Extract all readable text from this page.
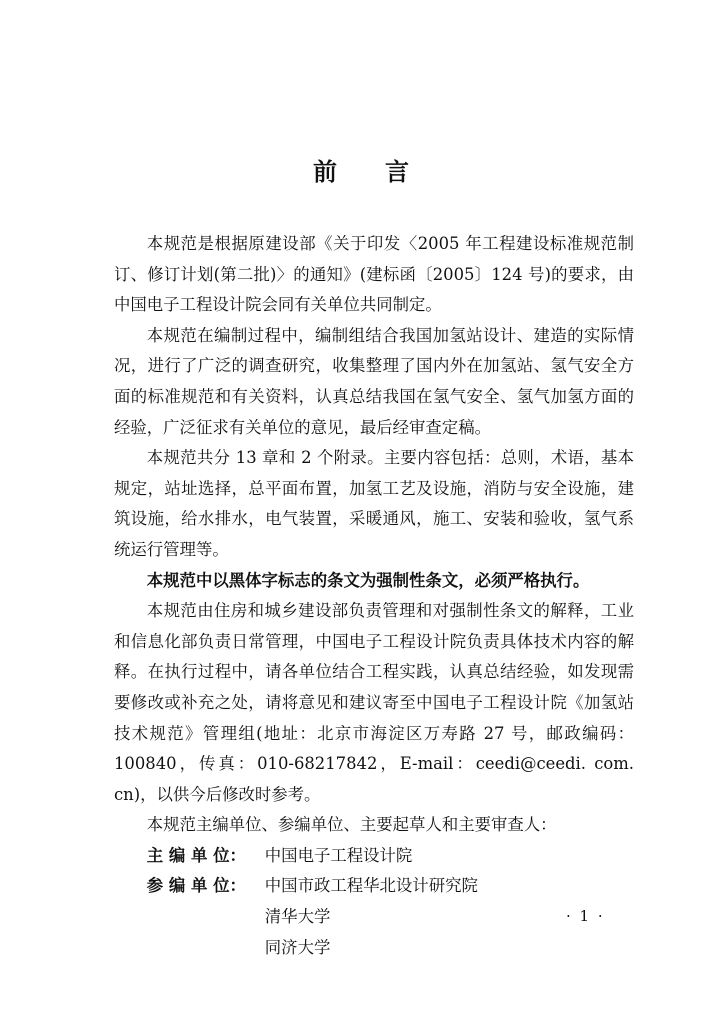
前 言

本规范是根据原建设部《关于印发〈2005 年工程建设标准规范制订、修订计划(第二批)〉的通知》(建标函〔2005〕124 号)的要求，由中国电子工程设计院会同有关单位共同制定。

本规范在编制过程中，编制组结合我国加氢站设计、建造的实际情况，进行了广泛的调查研究，收集整理了国内外在加氢站、氢气安全方面的标准规范和有关资料，认真总结我国在氢气安全、氢气加氢方面的经验，广泛征求有关单位的意见，最后经审查定稿。

本规范共分 13 章和 2 个附录。主要内容包括：总则，术语，基本规定，站址选择，总平面布置，加氢工艺及设施，消防与安全设施，建筑设施，给水排水，电气装置，采暖通风，施工、安装和验收，氢气系统运行管理等。

本规范中以黑体字标志的条文为强制性条文，必须严格执行。

本规范由住房和城乡建设部负责管理和对强制性条文的解释，工业和信息化部负责日常管理，中国电子工程设计院负责具体技术内容的解释。在执行过程中，请各单位结合工程实践，认真总结经验，如发现需要修改或补充之处，请将意见和建议寄至中国电子工程设计院《加氢站技术规范》管理组(地址：北京市海淀区万寿路 27 号，邮政编码：100840，传真：010-68217842，E-mail：ceedi@ceedi. com. cn)，以供今后修改时参考。

本规范主编单位、参编单位、主要起草人和主要审查人：

主 编 单 位：	中国电子工程设计院
参 编 单 位：	中国市政工程华北设计研究院
清华大学
同济大学
· 1 ·
